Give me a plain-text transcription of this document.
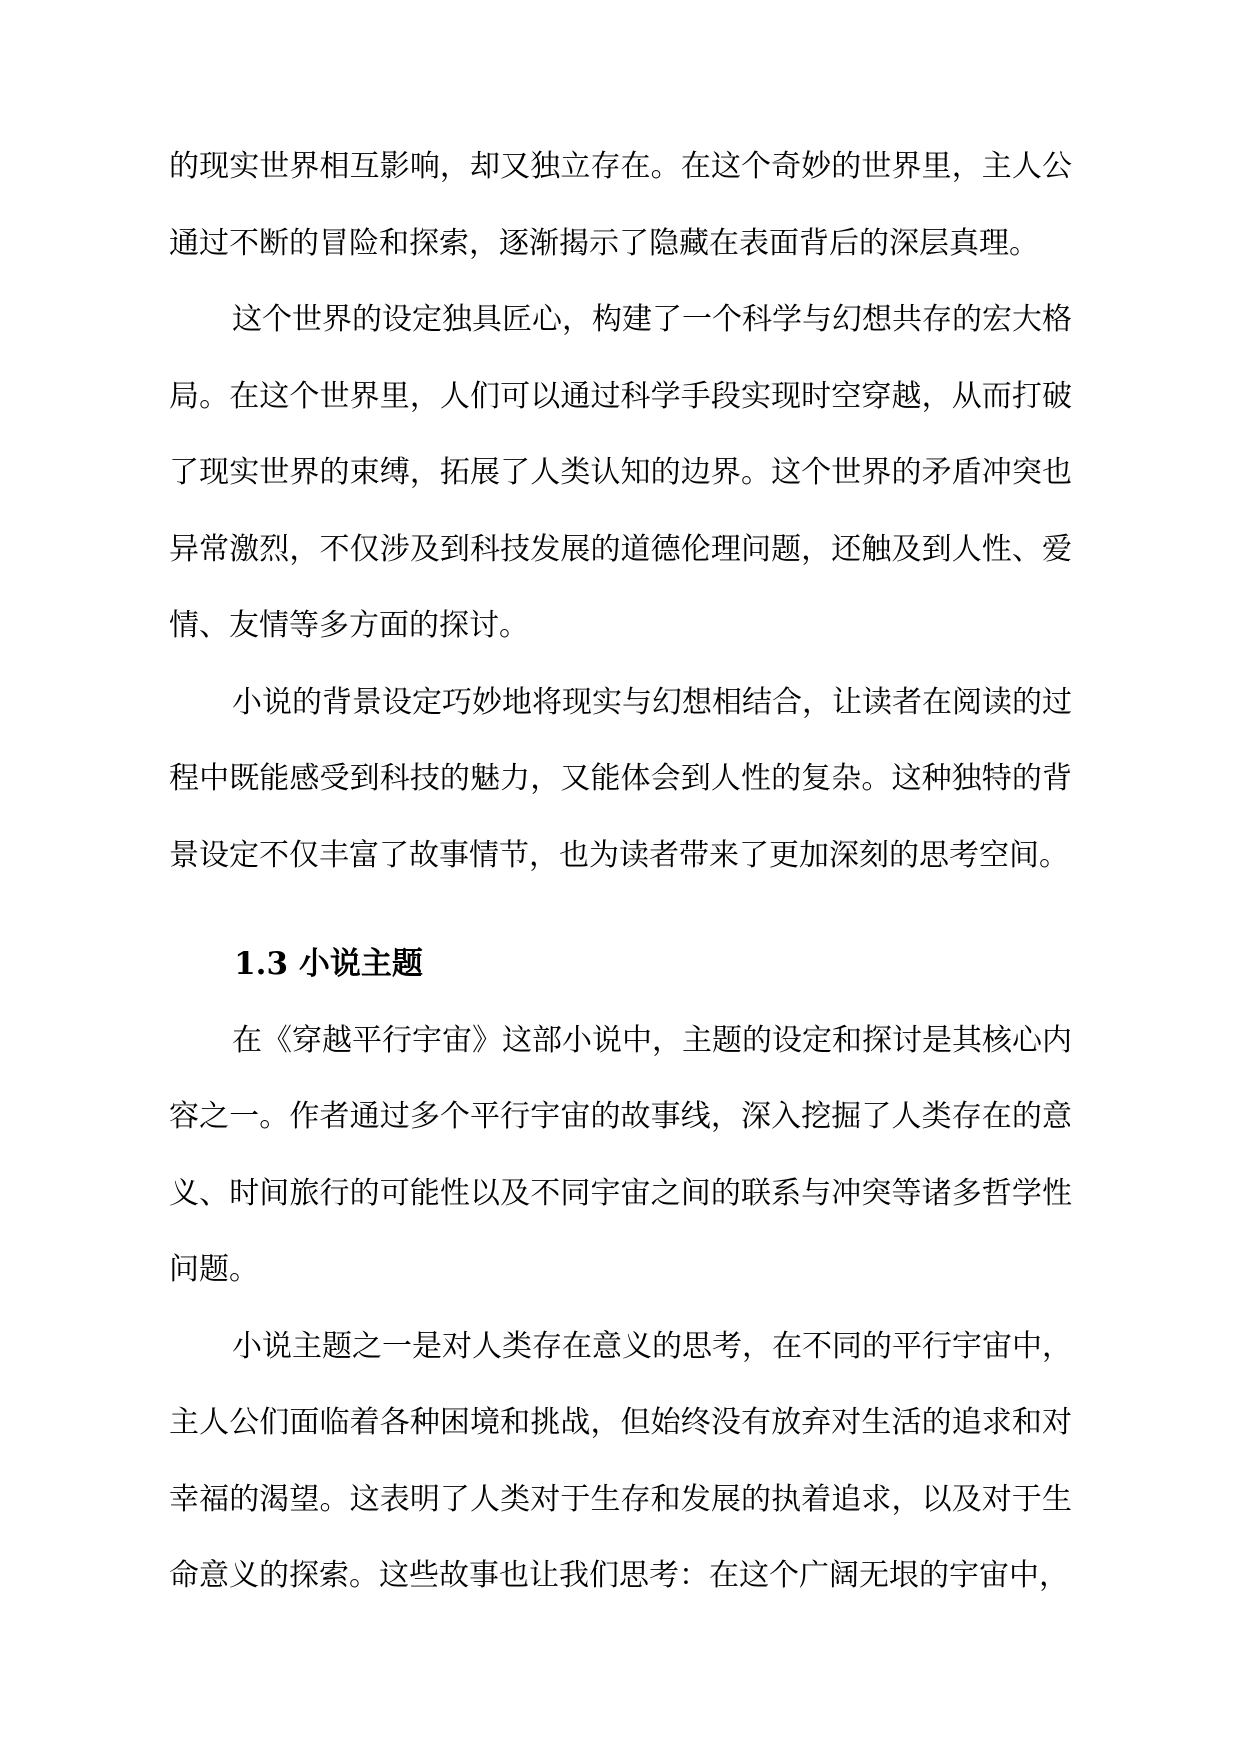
的现实世界相互影响，却又独立存在。在这个奇妙的世界里，主人公通过不断的冒险和探索，逐渐揭示了隐藏在表面背后的深层真理。

这个世界的设定独具匠心，构建了一个科学与幻想共存的宏大格局。在这个世界里，人们可以通过科学手段实现时空穿越，从而打破了现实世界的束缚，拓展了人类认知的边界。这个世界的矛盾冲突也异常激烈，不仅涉及到科技发展的道德伦理问题，还触及到人性、爱情、友情等多方面的探讨。

小说的背景设定巧妙地将现实与幻想相结合，让读者在阅读的过程中既能感受到科技的魅力，又能体会到人性的复杂。这种独特的背景设定不仅丰富了故事情节，也为读者带来了更加深刻的思考空间。

1.3 小说主题

在《穿越平行宇宙》这部小说中，主题的设定和探讨是其核心内容之一。作者通过多个平行宇宙的故事线，深入挖掘了人类存在的意义、时间旅行的可能性以及不同宇宙之间的联系与冲突等诸多哲学性问题。

小说主题之一是对人类存在意义的思考，在不同的平行宇宙中，主人公们面临着各种困境和挑战，但始终没有放弃对生活的追求和对幸福的渴望。这表明了人类对于生存和发展的执着追求，以及对于生命意义的探索。这些故事也让我们思考：在这个广阔无垠的宇宙中，
